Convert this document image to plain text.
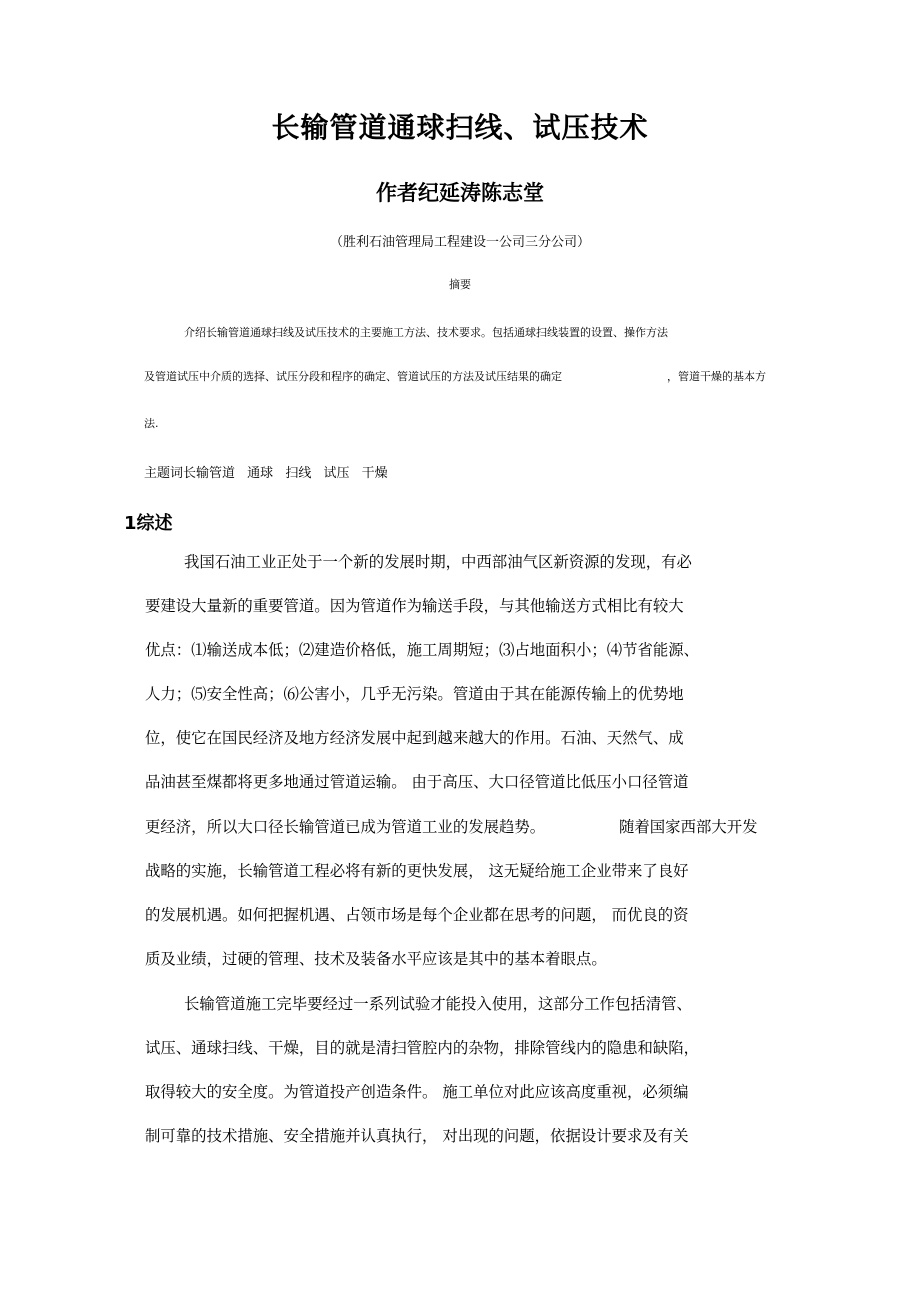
长输管道通球扫线、试压技术
作者纪延涛陈志堂

（胜利石油管理局工程建设一公司三分公司）

摘要

介绍长输管道通球扫线及试压技术的主要施工方法、技术要求。包括通球扫线装置的设置、操作方法

及管道试压中介质的选择、试压分段和程序的确定、管道试压的方法及试压结果的确定	，管道干燥的基本方

法.

主题词长输管道 通球 扫线 试压 干燥

1综述

我国石油工业正处于一个新的发展时期，中西部油气区新资源的发现，有必

要建设大量新的重要管道。因为管道作为输送手段，与其他输送方式相比有较大

优点：⑴输送成本低；⑵建造价格低，施工周期短；⑶占地面积小；⑷节省能源、

人力；⑸安全性高；⑹公害小，几乎无污染。管道由于其在能源传输上的优势地

位，使它在国民经济及地方经济发展中起到越来越大的作用。石油、天然气、成

品油甚至煤都将更多地通过管道运输。 由于高压、大口径管道比低压小口径管道

更经济，所以大口径长输管道已成为管道工业的发展趋势。	随着国家西部大开发

战略的实施，长输管道工程必将有新的更快发展， 这无疑给施工企业带来了良好

的发展机遇。如何把握机遇、占领市场是每个企业都在思考的问题， 而优良的资

质及业绩，过硬的管理、技术及装备水平应该是其中的基本着眼点。

长输管道施工完毕要经过一系列试验才能投入使用，这部分工作包括清管、

试压、通球扫线、干燥，目的就是清扫管腔内的杂物，排除管线内的隐患和缺陷，

取得较大的安全度。为管道投产创造条件。 施工单位对此应该高度重视，必须编

制可靠的技术措施、安全措施并认真执行， 对出现的问题，依据设计要求及有关
